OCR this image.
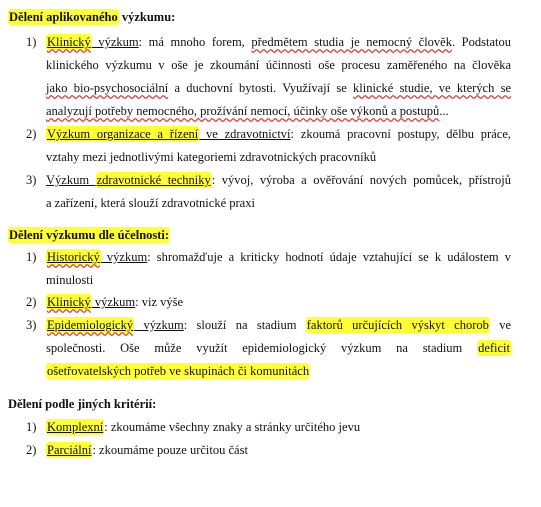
Dělení aplikovaného výzkumu:
1) Klinický výzkum: má mnoho forem, předmětem studia je nemocný člověk. Podstatou
klinického výzkumu v oše je zkoumání účinnosti oše procesu zaměřeného na člověka
jako bio-psychosociální a duchovní bytosti. Využívají se klinické studie, ve kterých se
analyzují potřeby nemocného, prožívání nemocí, účinky oše výkonů a postupů...
2) Výzkum organizace a řízení ve zdravotnictví: zkoumá pracovní postupy, dělbu práce,
vztahy mezi jednotlivými kategoriemi zdravotnických pracovníků
3) Výzkum zdravotnické techniky: vývoj, výroba a ověřování nových pomůcek, přístrojů
a zařízení, která slouží zdravotnické praxi
Dělení výzkumu dle účelnosti:
1) Historický výzkum: shromažďuje a kriticky hodnotí údaje vztahující se k událostem v
minulosti
2) Klinický výzkum: viz výše
3) Epidemiologický výzkum: slouží na stadium faktorů určujících výskyt chorob ve
společnosti. Oše může využít epidemiologický výzkum na stadium deficit
ošetřovatelských potřeb ve skupinách či komunitách
Dělení podle jiných kritérií:
1) Komplexní: zkoumáme všechny znaky a stránky určitého jevu
2) Parciální: zkoumáme pouze určitou část
